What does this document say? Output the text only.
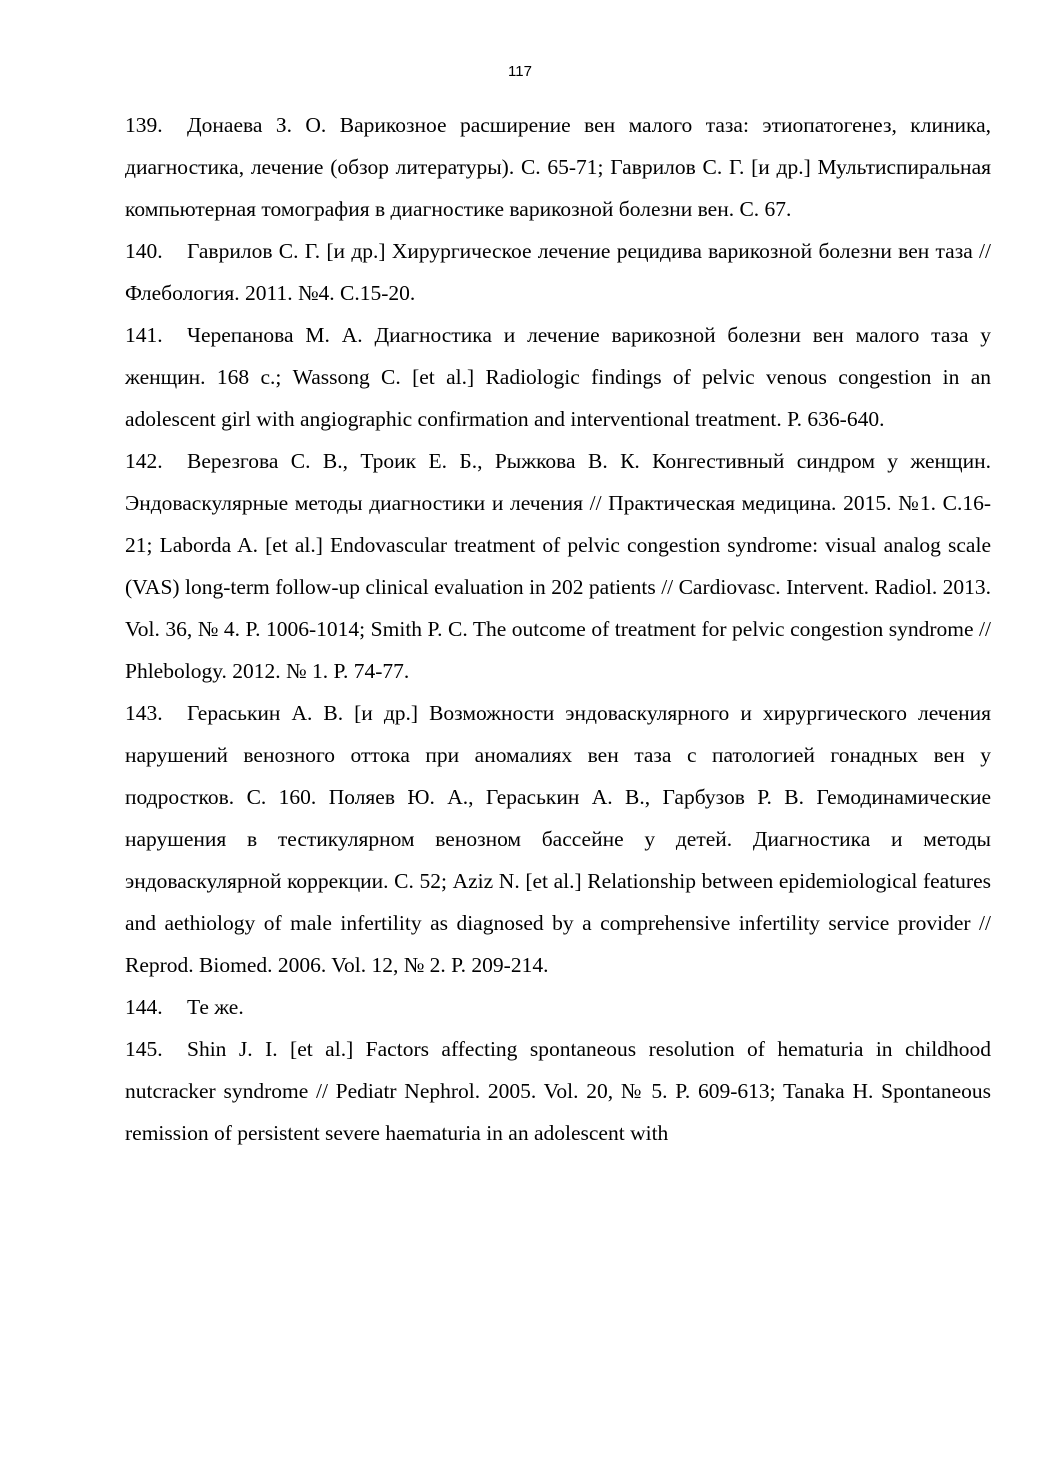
117
139. Донаева З. О. Варикозное расширение вен малого таза: этиопатогенез, клиника, диагностика, лечение (обзор литературы). С. 65-71; Гаврилов С. Г. [и др.] Мультиспиральная компьютерная томография в диагностике варикозной болезни вен. С. 67.
140. Гаврилов С. Г. [и др.] Хирургическое лечение рецидива варикозной болезни вен таза // Флебология. 2011. №4. С.15-20.
141. Черепанова М. А. Диагностика и лечение варикозной болезни вен малого таза у женщин. 168 с.; Wassong C. [et al.] Radiologic findings of pelvic venous congestion in an adolescent girl with angiographic confirmation and interventional treatment. P. 636-640.
142. Верезгова С. В., Троик Е. Б., Рыжкова В. К. Конгестивный синдром у женщин. Эндоваскулярные методы диагностики и лечения // Практическая медицина. 2015. №1. С.16-21; Laborda A. [et al.] Endovascular treatment of pelvic congestion syndrome: visual analog scale (VAS) long-term follow-up clinical evaluation in 202 patients // Cardiovasc. Intervent. Radiol. 2013. Vol. 36, № 4. P. 1006-1014; Smith P. C. The outcome of treatment for pelvic congestion syndrome // Phlebology. 2012. № 1. P. 74-77.
143. Гераськин А. В. [и др.] Возможности эндоваскулярного и хирургического лечения нарушений венозного оттока при аномалиях вен таза с патологией гонадных вен у подростков. С. 160. Поляев Ю. А., Гераськин А. В., Гарбузов Р. В. Гемодинамические нарушения в тестикулярном венозном бассейне у детей. Диагностика и методы эндоваскулярной коррекции. С. 52; Aziz N. [et al.] Relationship between epidemiological features and aethiology of male infertility as diagnosed by a comprehensive infertility service provider // Reprod. Biomed. 2006. Vol. 12, № 2. P. 209-214.
144. Те же.
145. Shin J. I. [et al.] Factors affecting spontaneous resolution of hematuria in childhood nutcracker syndrome // Pediatr Nephrol. 2005. Vol. 20, № 5. P. 609-613; Tanaka H. Spontaneous remission of persistent severe haematuria in an adolescent with
